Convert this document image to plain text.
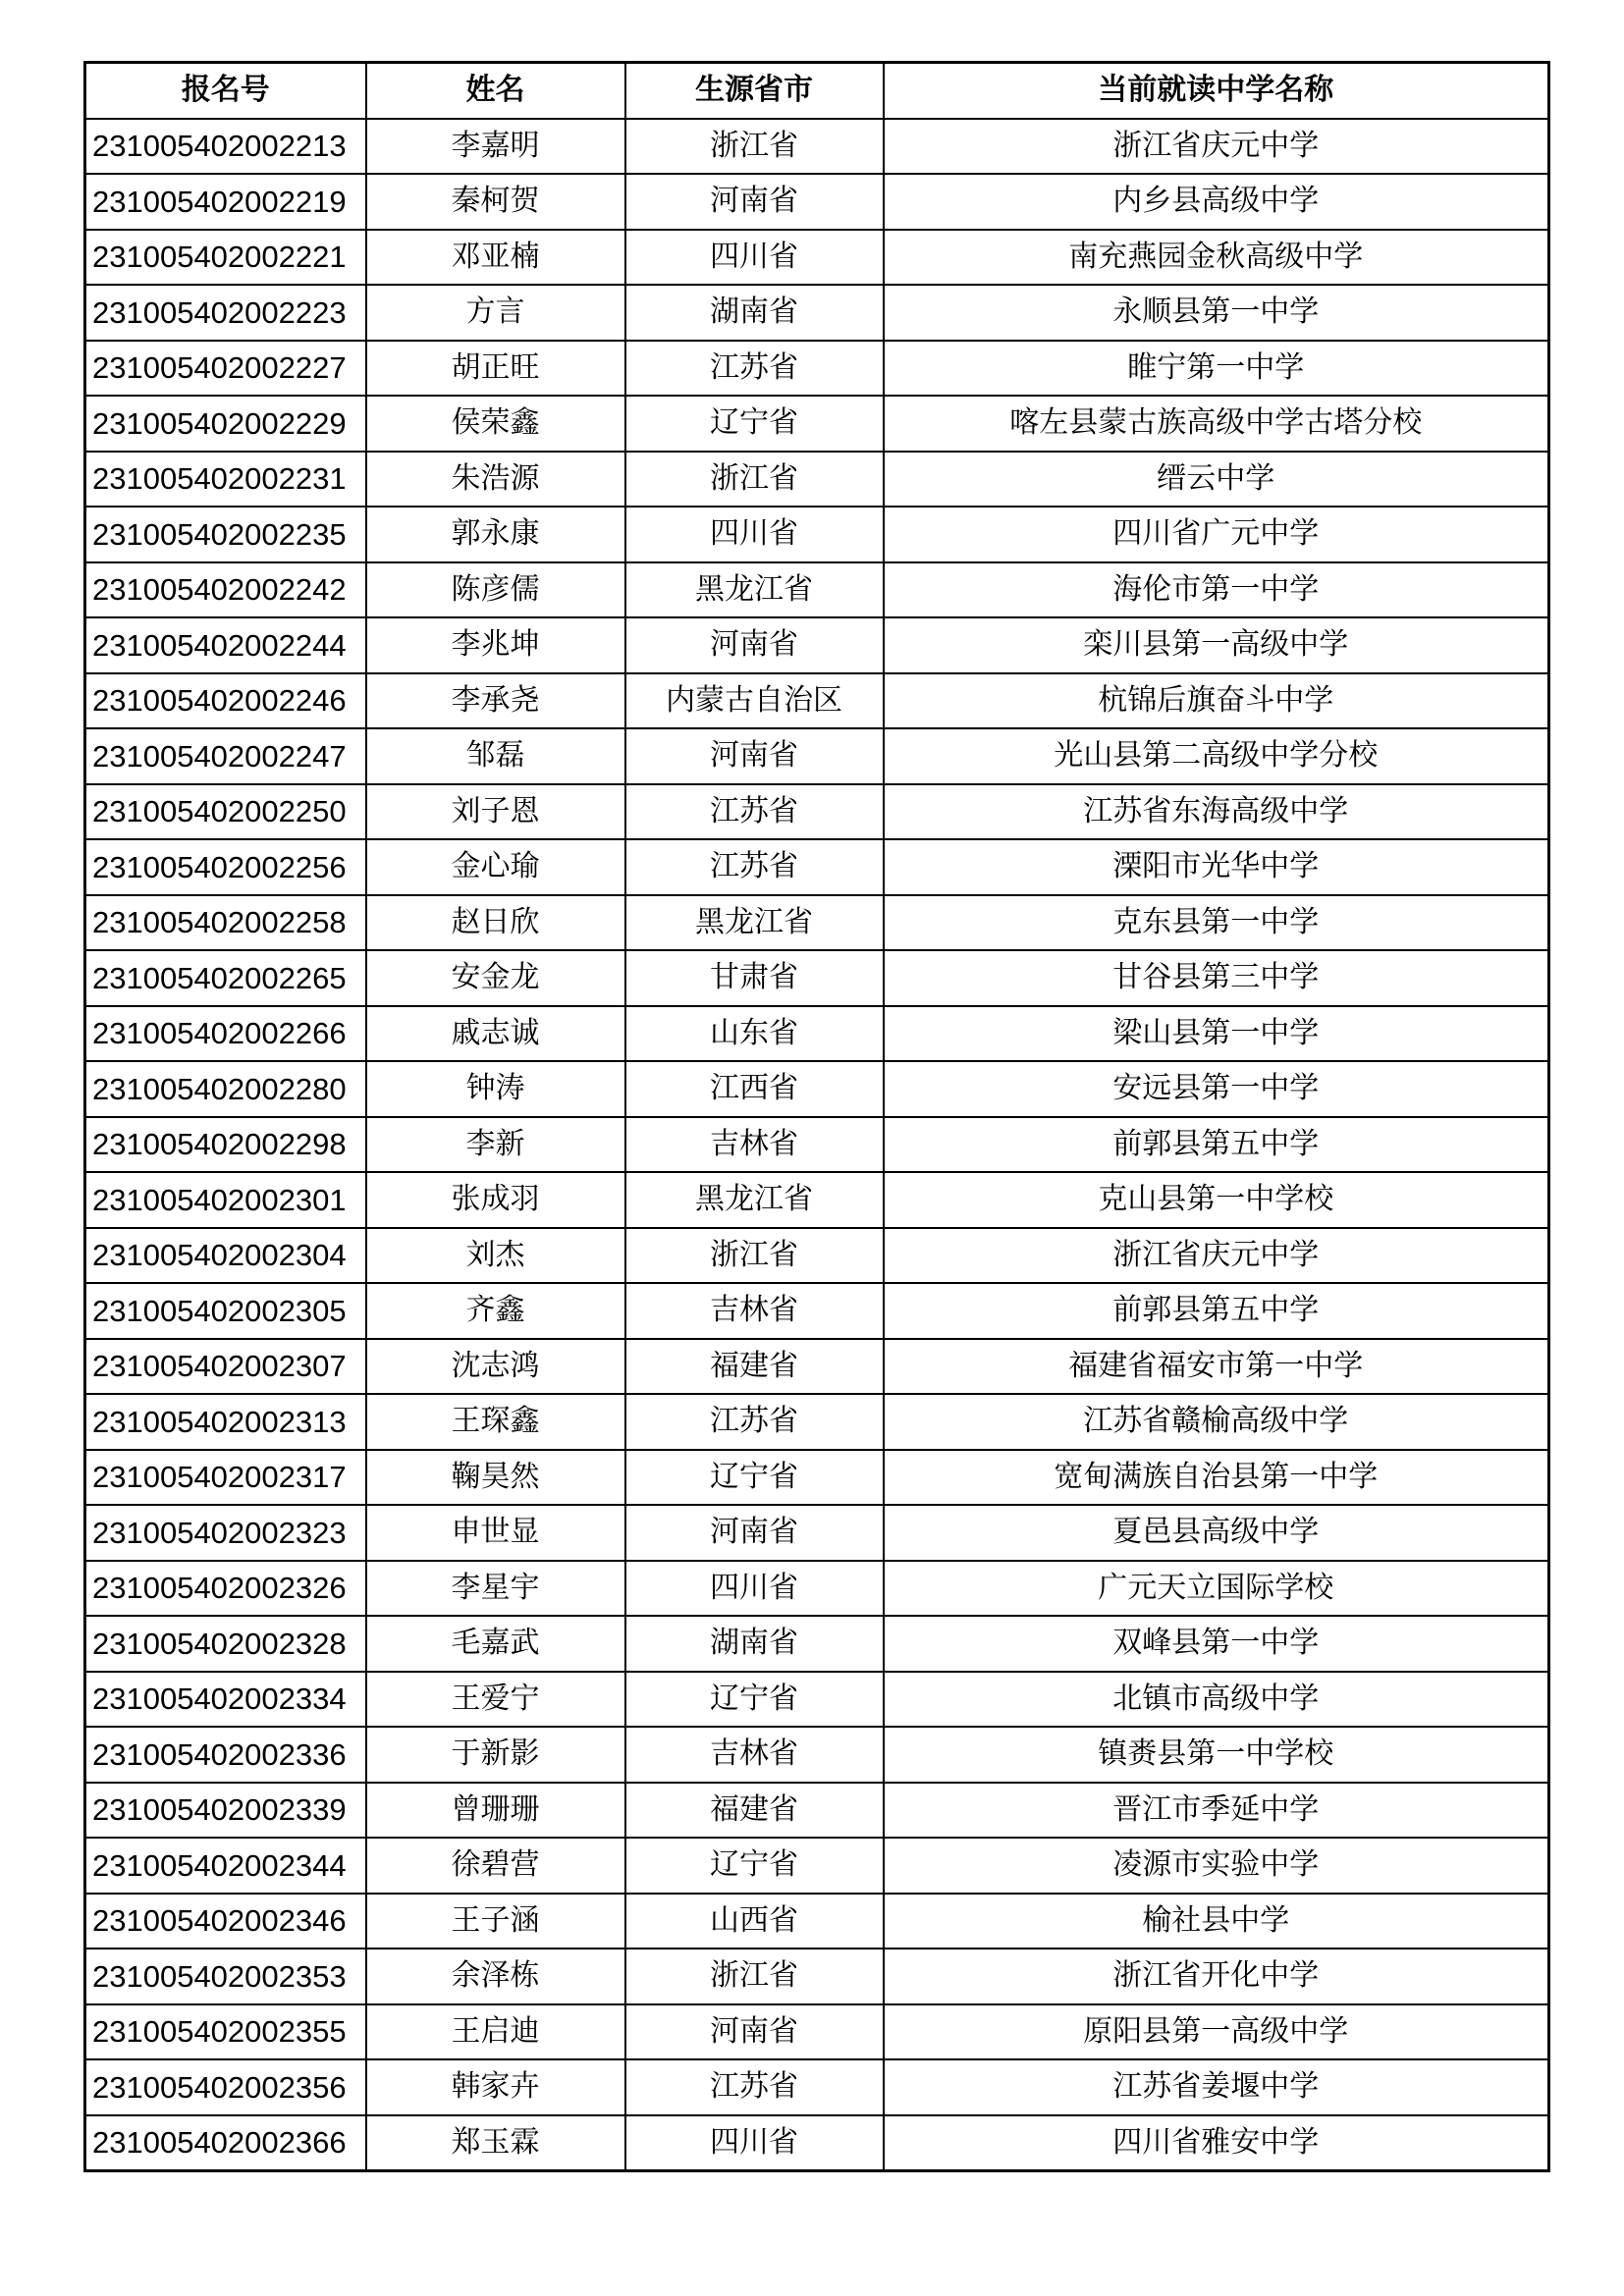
报名号	姓名	生源省市	当前就读中学名称
231005402002213	李嘉明	浙江省	浙江省庆元中学
231005402002219	秦柯贺	河南省	内乡县高级中学
231005402002221	邓亚楠	四川省	南充燕园金秋高级中学
231005402002223	方言	湖南省	永顺县第一中学
231005402002227	胡正旺	江苏省	睢宁第一中学
231005402002229	侯荣鑫	辽宁省	喀左县蒙古族高级中学古塔分校
231005402002231	朱浩源	浙江省	缙云中学
231005402002235	郭永康	四川省	四川省广元中学
231005402002242	陈彦儒	黑龙江省	海伦市第一中学
231005402002244	李兆坤	河南省	栾川县第一高级中学
231005402002246	李承尧	内蒙古自治区	杭锦后旗奋斗中学
231005402002247	邹磊	河南省	光山县第二高级中学分校
231005402002250	刘子恩	江苏省	江苏省东海高级中学
231005402002256	金心瑜	江苏省	溧阳市光华中学
231005402002258	赵日欣	黑龙江省	克东县第一中学
231005402002265	安金龙	甘肃省	甘谷县第三中学
231005402002266	戚志诚	山东省	梁山县第一中学
231005402002280	钟涛	江西省	安远县第一中学
231005402002298	李新	吉林省	前郭县第五中学
231005402002301	张成羽	黑龙江省	克山县第一中学校
231005402002304	刘杰	浙江省	浙江省庆元中学
231005402002305	齐鑫	吉林省	前郭县第五中学
231005402002307	沈志鸿	福建省	福建省福安市第一中学
231005402002313	王琛鑫	江苏省	江苏省赣榆高级中学
231005402002317	鞠昊然	辽宁省	宽甸满族自治县第一中学
231005402002323	申世显	河南省	夏邑县高级中学
231005402002326	李星宇	四川省	广元天立国际学校
231005402002328	毛嘉武	湖南省	双峰县第一中学
231005402002334	王爱宁	辽宁省	北镇市高级中学
231005402002336	于新影	吉林省	镇赉县第一中学校
231005402002339	曾珊珊	福建省	晋江市季延中学
231005402002344	徐碧营	辽宁省	凌源市实验中学
231005402002346	王子涵	山西省	榆社县中学
231005402002353	余泽栋	浙江省	浙江省开化中学
231005402002355	王启迪	河南省	原阳县第一高级中学
231005402002356	韩家卉	江苏省	江苏省姜堰中学
231005402002366	郑玉霖	四川省	四川省雅安中学
